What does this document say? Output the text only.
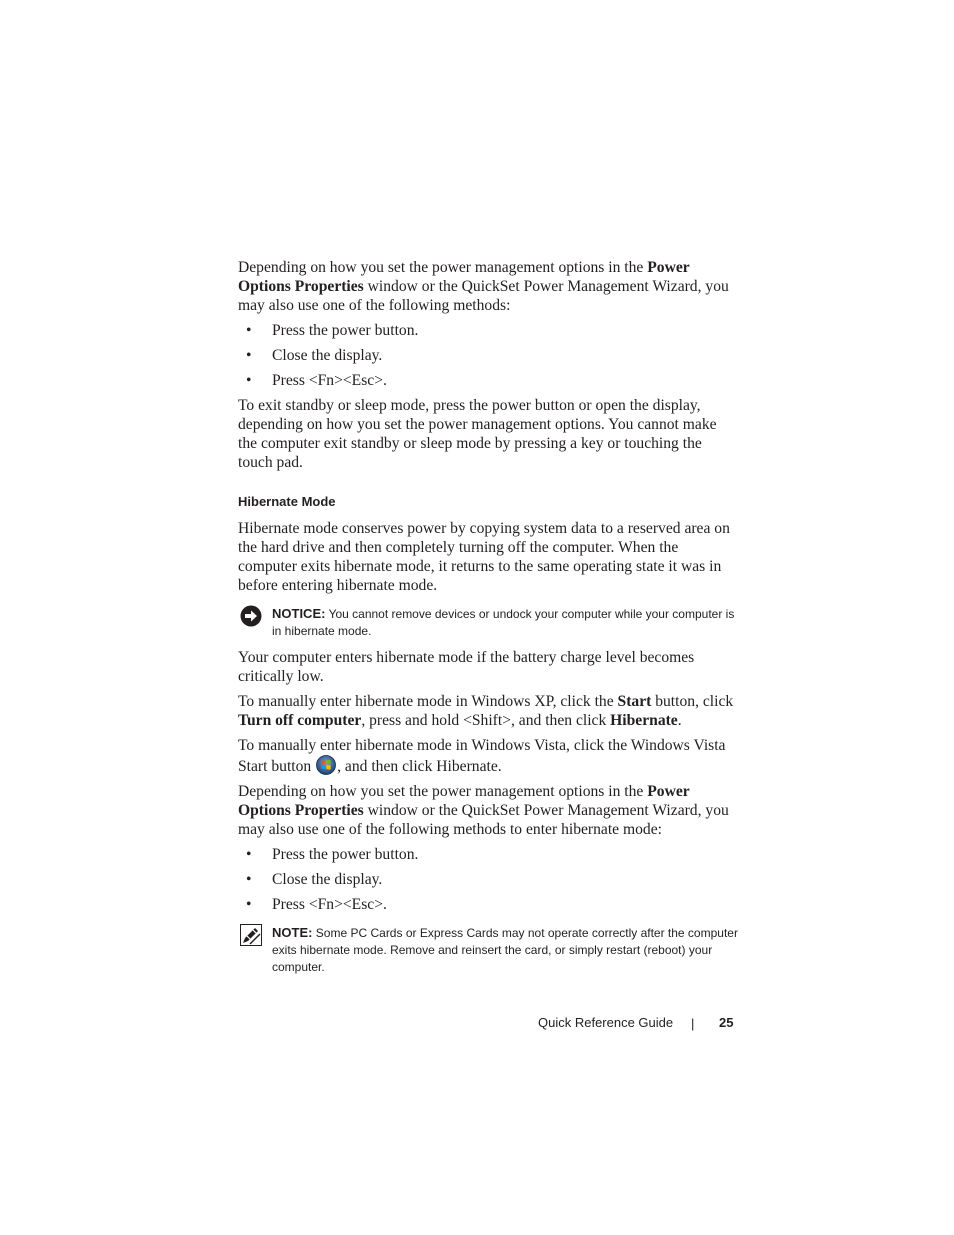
Depending on how you set the power management options in the Power Options Properties window or the QuickSet Power Management Wizard, you may also use one of the following methods:

• Press the power button.
• Close the display.
• Press <Fn><Esc>.

To exit standby or sleep mode, press the power button or open the display, depending on how you set the power management options. You cannot make the computer exit standby or sleep mode by pressing a key or touching the touch pad.

Hibernate Mode

Hibernate mode conserves power by copying system data to a reserved area on the hard drive and then completely turning off the computer. When the computer exits hibernate mode, it returns to the same operating state it was in before entering hibernate mode.

NOTICE: You cannot remove devices or undock your computer while your computer is in hibernate mode.

Your computer enters hibernate mode if the battery charge level becomes critically low.

To manually enter hibernate mode in Windows XP, click the Start button, click Turn off computer, press and hold <Shift>, and then click Hibernate.

To manually enter hibernate mode in Windows Vista, click the Windows Vista Start button , and then click Hibernate.

Depending on how you set the power management options in the Power Options Properties window or the QuickSet Power Management Wizard, you may also use one of the following methods to enter hibernate mode:

• Press the power button.
• Close the display.
• Press <Fn><Esc>.
NOTE: Some PC Cards or Express Cards may not operate correctly after the computer exits hibernate mode. Remove and reinsert the card, or simply restart (reboot) your computer.
Quick Reference Guide | 25
